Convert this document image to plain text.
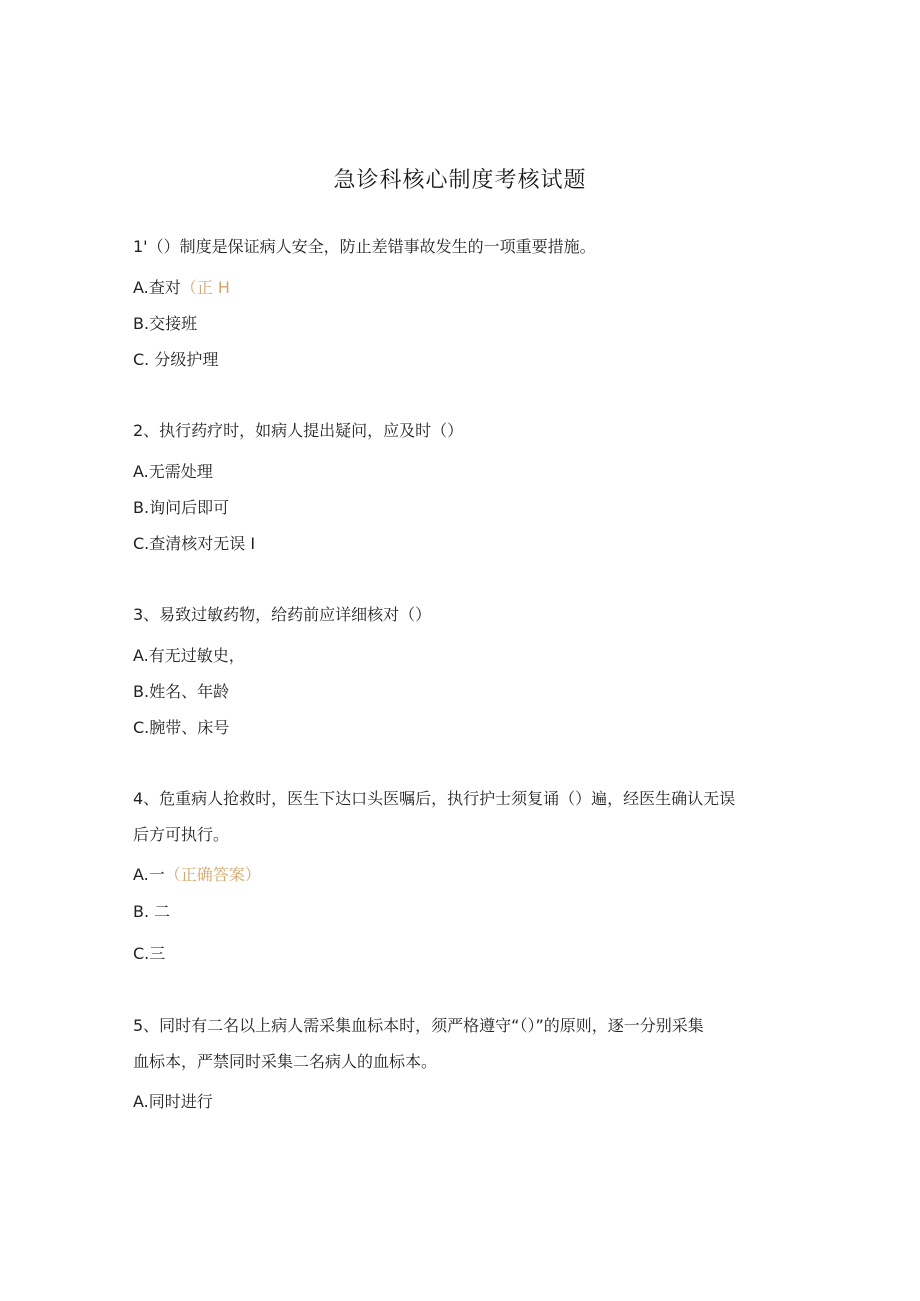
急诊科核心制度考核试题
1'（）制度是保证病人安全，防止差错事故发生的一项重要措施。
A.查对（正 H
B.交接班
C. 分级护理
2、执行药疗时，如病人提出疑问，应及时（）
A.无需处理
B.询问后即可
C.查清核对无误 I
3、易致过敏药物，给药前应详细核对（）
A.有无过敏史，
B.姓名、年龄
C.腕带、床号
4、危重病人抢救时，医生下达口头医嘱后，执行护士须复诵（）遍，经医生确认无误
后方可执行。
A.一（正确答案）
B. 二
C.三
5、同时有二名以上病人需采集血标本时，须严格遵守“（）”的原则，逐一分别采集
血标本，严禁同时采集二名病人的血标本。
A.同时进行
